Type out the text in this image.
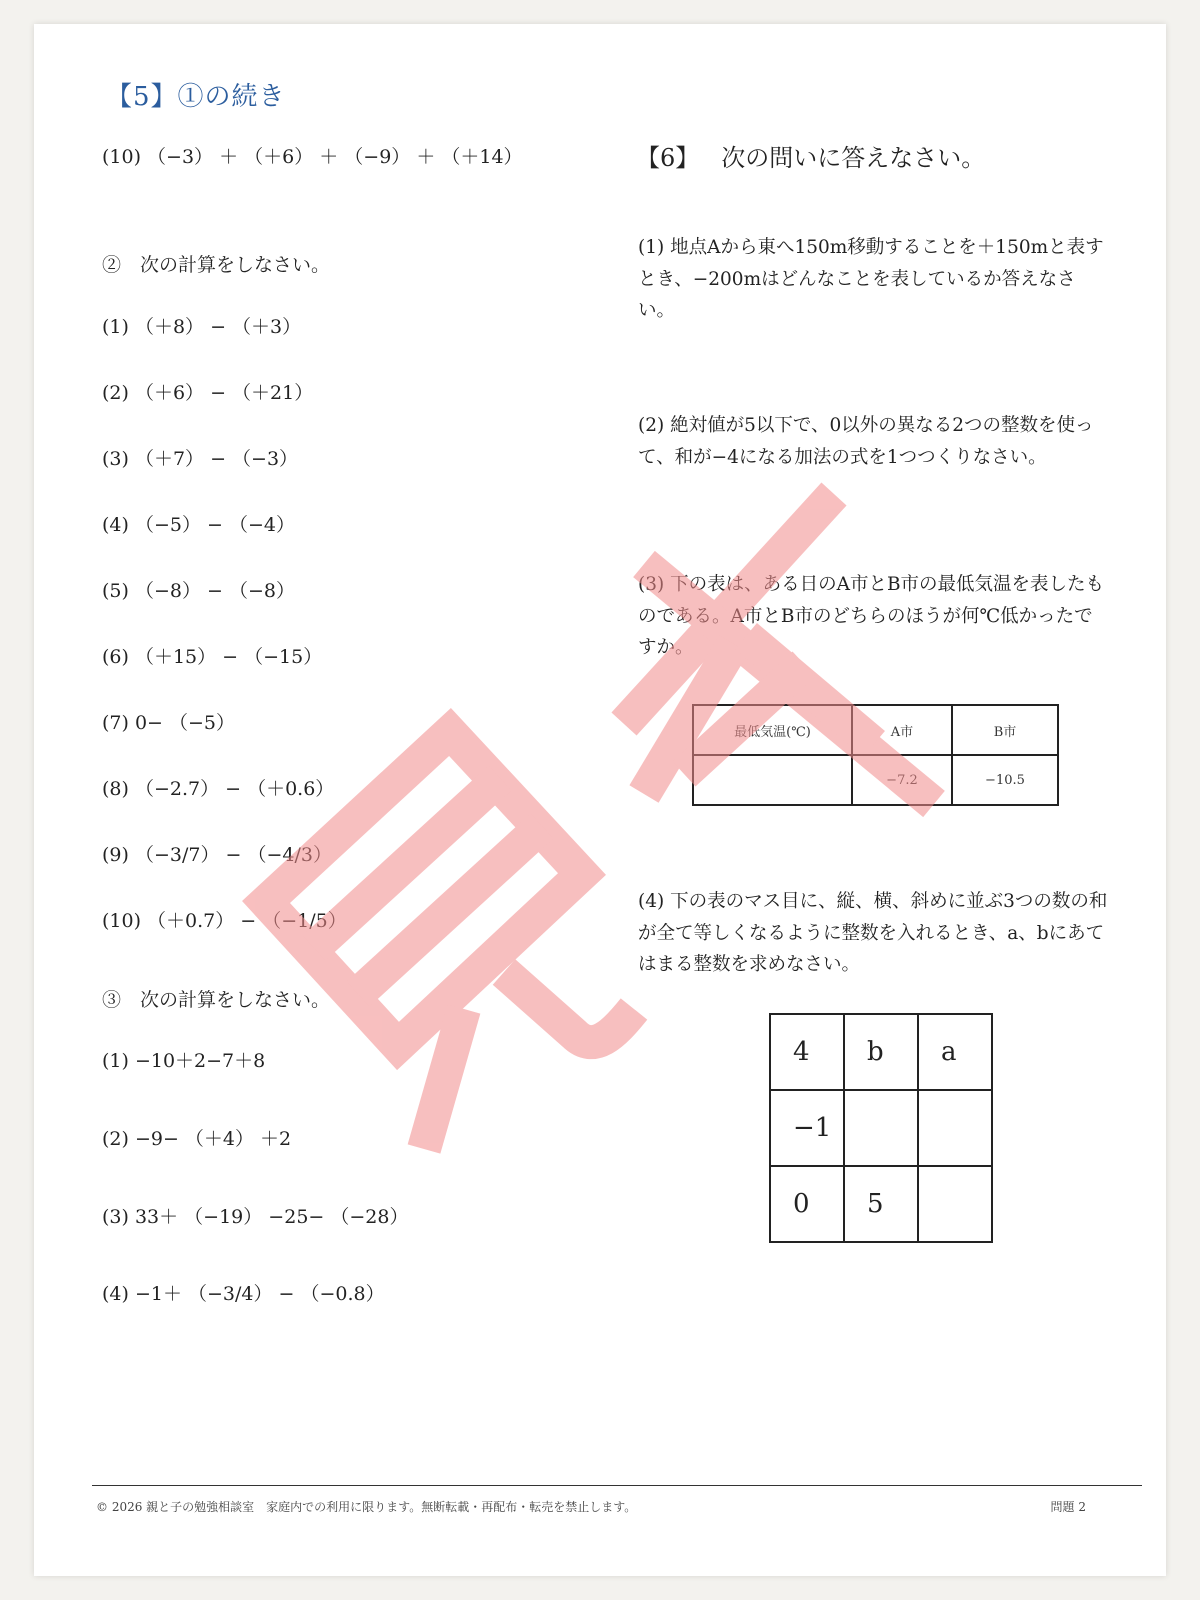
【5】①の続き
(10) （−3） ＋ （＋6） ＋ （−9） ＋ （＋14）
②　次の計算をしなさい。
(1) （＋8） − （＋3）
(2) （＋6） − （＋21）
(3) （＋7） − （−3）
(4) （−5） − （−4）
(5) （−8） − （−8）
(6) （＋15） − （−15）
(7) 0− （−5）
(8) （−2.7） − （＋0.6）
(9) （−3/7） − （−4/3）
(10) （＋0.7） − （−1/5）
③　次の計算をしなさい。
(1) −10＋2−7＋8
(2) −9− （＋4） ＋2
(3) 33＋ （−19） −25− （−28）
(4) −1＋ （−3/4） − （−0.8）
【6】 次の問いに答えなさい。
(1) 地点Aから東へ150m移動することを＋150mと表すとき、−200mはどんなことを表しているか答えなさい。
(2) 絶対値が5以下で、0以外の異なる2つの整数を使って、和が−4になる加法の式を1つつくりなさい。
(3) 下の表は、ある日のA市とB市の最低気温を表したものである。A市とB市のどちらのほうが何℃低かったですか。
最低気温(℃)	A市	B市
	−7.2	−10.5
(4) 下の表のマス目に、縦、横、斜めに並ぶ3つの数の和が全て等しくなるように整数を入れるとき、a、bにあてはまる整数を求めなさい。
4	b	a
−1		
0	5	
© 2026 親と子の勉強相談室　家庭内での利用に限ります。無断転載・再配布・転売を禁止します。	問題 2
